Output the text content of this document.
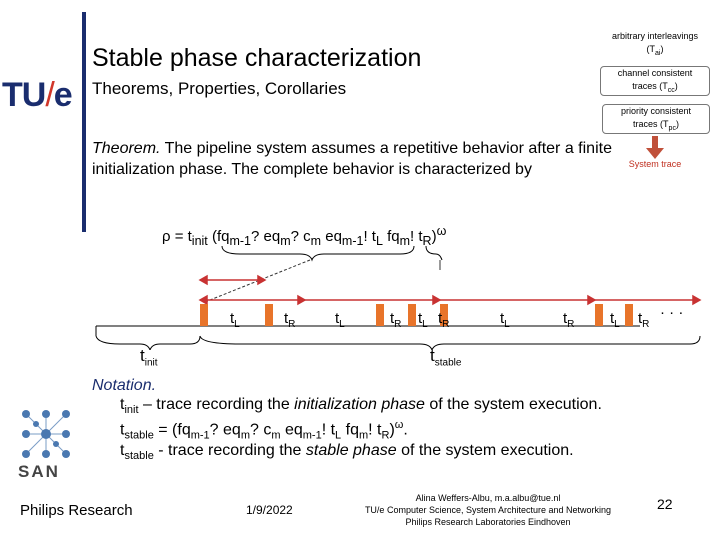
TU/e
Stable phase characterization
Theorems, Properties, Corollaries
arbitrary interleavings
$(T_{ai})$
channel consistent
traces $(T_{cc})$
priority consistent
traces $(T_{pc})$
System trace
Theorem. The pipeline system assumes a repetitive behavior after a finite initialization phase. The complete behavior is characterized by
$\rho = t_{init}$ ($fq_{m-1}$? $eq_m$? $c_m$ $eq_{m-1}$! $t_L$ $fq_m$! $t_R)^\omega$
$t_L$	$t_R$	$t_L$	$t_R$ $t_L$ $t_R$	$t_L$	$t_R$ $t_L$ $t_R$
· · ·
$t_{init}$	$t_{stable}$
Notation.
$t_{init}$ – trace recording the initialization phase of the system execution.
$t_{stable} = (fq_{m-1}$? $eq_m$? $c_m$ $eq_{m-1}$! $t_L$ $fq_m$! $t_R)^\omega$.
$t_{stable}$ - trace recording the stable phase of the system execution.
SAN
Philips Research	1/9/2022
Alina Weffers-Albu, m.a.albu@tue.nl
TU/e Computer Science, System Architecture and Networking
Philips Research Laboratories Eindhoven
22
